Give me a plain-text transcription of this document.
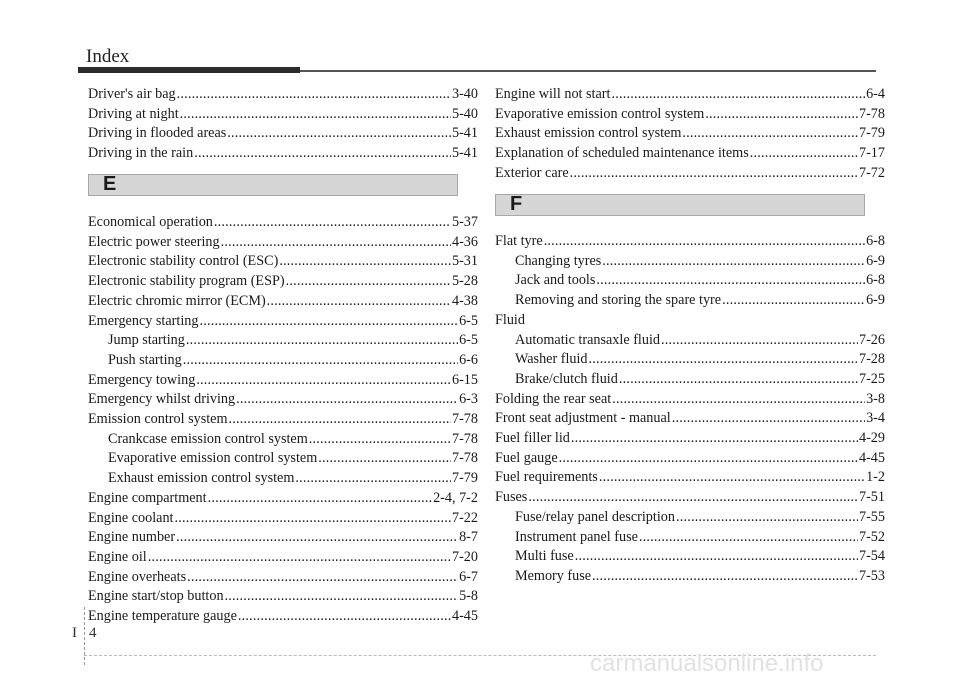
Index
Driver's air bag .....	3-40
Driving at night .....	5-40
Driving in flooded areas .....	5-41
Driving in the rain .....	5-41
E
Economical operation .....	5-37
Electric power steering .....	4-36
Electronic stability control (ESC) .....	5-31
Electronic stability program (ESP) .....	5-28
Electric chromic mirror (ECM) .....	4-38
Emergency starting .....	6-5
Jump starting .....	6-5
Push starting .....	6-6
Emergency towing .....	6-15
Emergency whilst driving .....	6-3
Emission control system .....	7-78
Crankcase emission control system .....	7-78
Evaporative emission control system .....	7-78
Exhaust emission control system .....	7-79
Engine compartment .....	2-4, 7-2
Engine coolant .....	7-22
Engine number .....	8-7
Engine oil .....	7-20
Engine overheats .....	6-7
Engine start/stop button .....	5-8
Engine temperature gauge .....	4-45
Engine will not start .....	6-4
Evaporative emission control system .....	7-78
Exhaust emission control system .....	7-79
Explanation of scheduled maintenance items .....	7-17
Exterior care .....	7-72
F
Flat tyre .....	6-8
Changing tyres .....	6-9
Jack and tools .....	6-8
Removing and storing the spare tyre .....	6-9
Fluid
Automatic transaxle fluid .....	7-26
Washer fluid .....	7-28
Brake/clutch fluid .....	7-25
Folding the rear seat .....	3-8
Front seat adjustment - manual .....	3-4
Fuel filler lid .....	4-29
Fuel gauge .....	4-45
Fuel requirements .....	1-2
Fuses .....	7-51
Fuse/relay panel description .....	7-55
Instrument panel fuse .....	7-52
Multi fuse .....	7-54
Memory fuse .....	7-53
I4
carmanualsonline.info
